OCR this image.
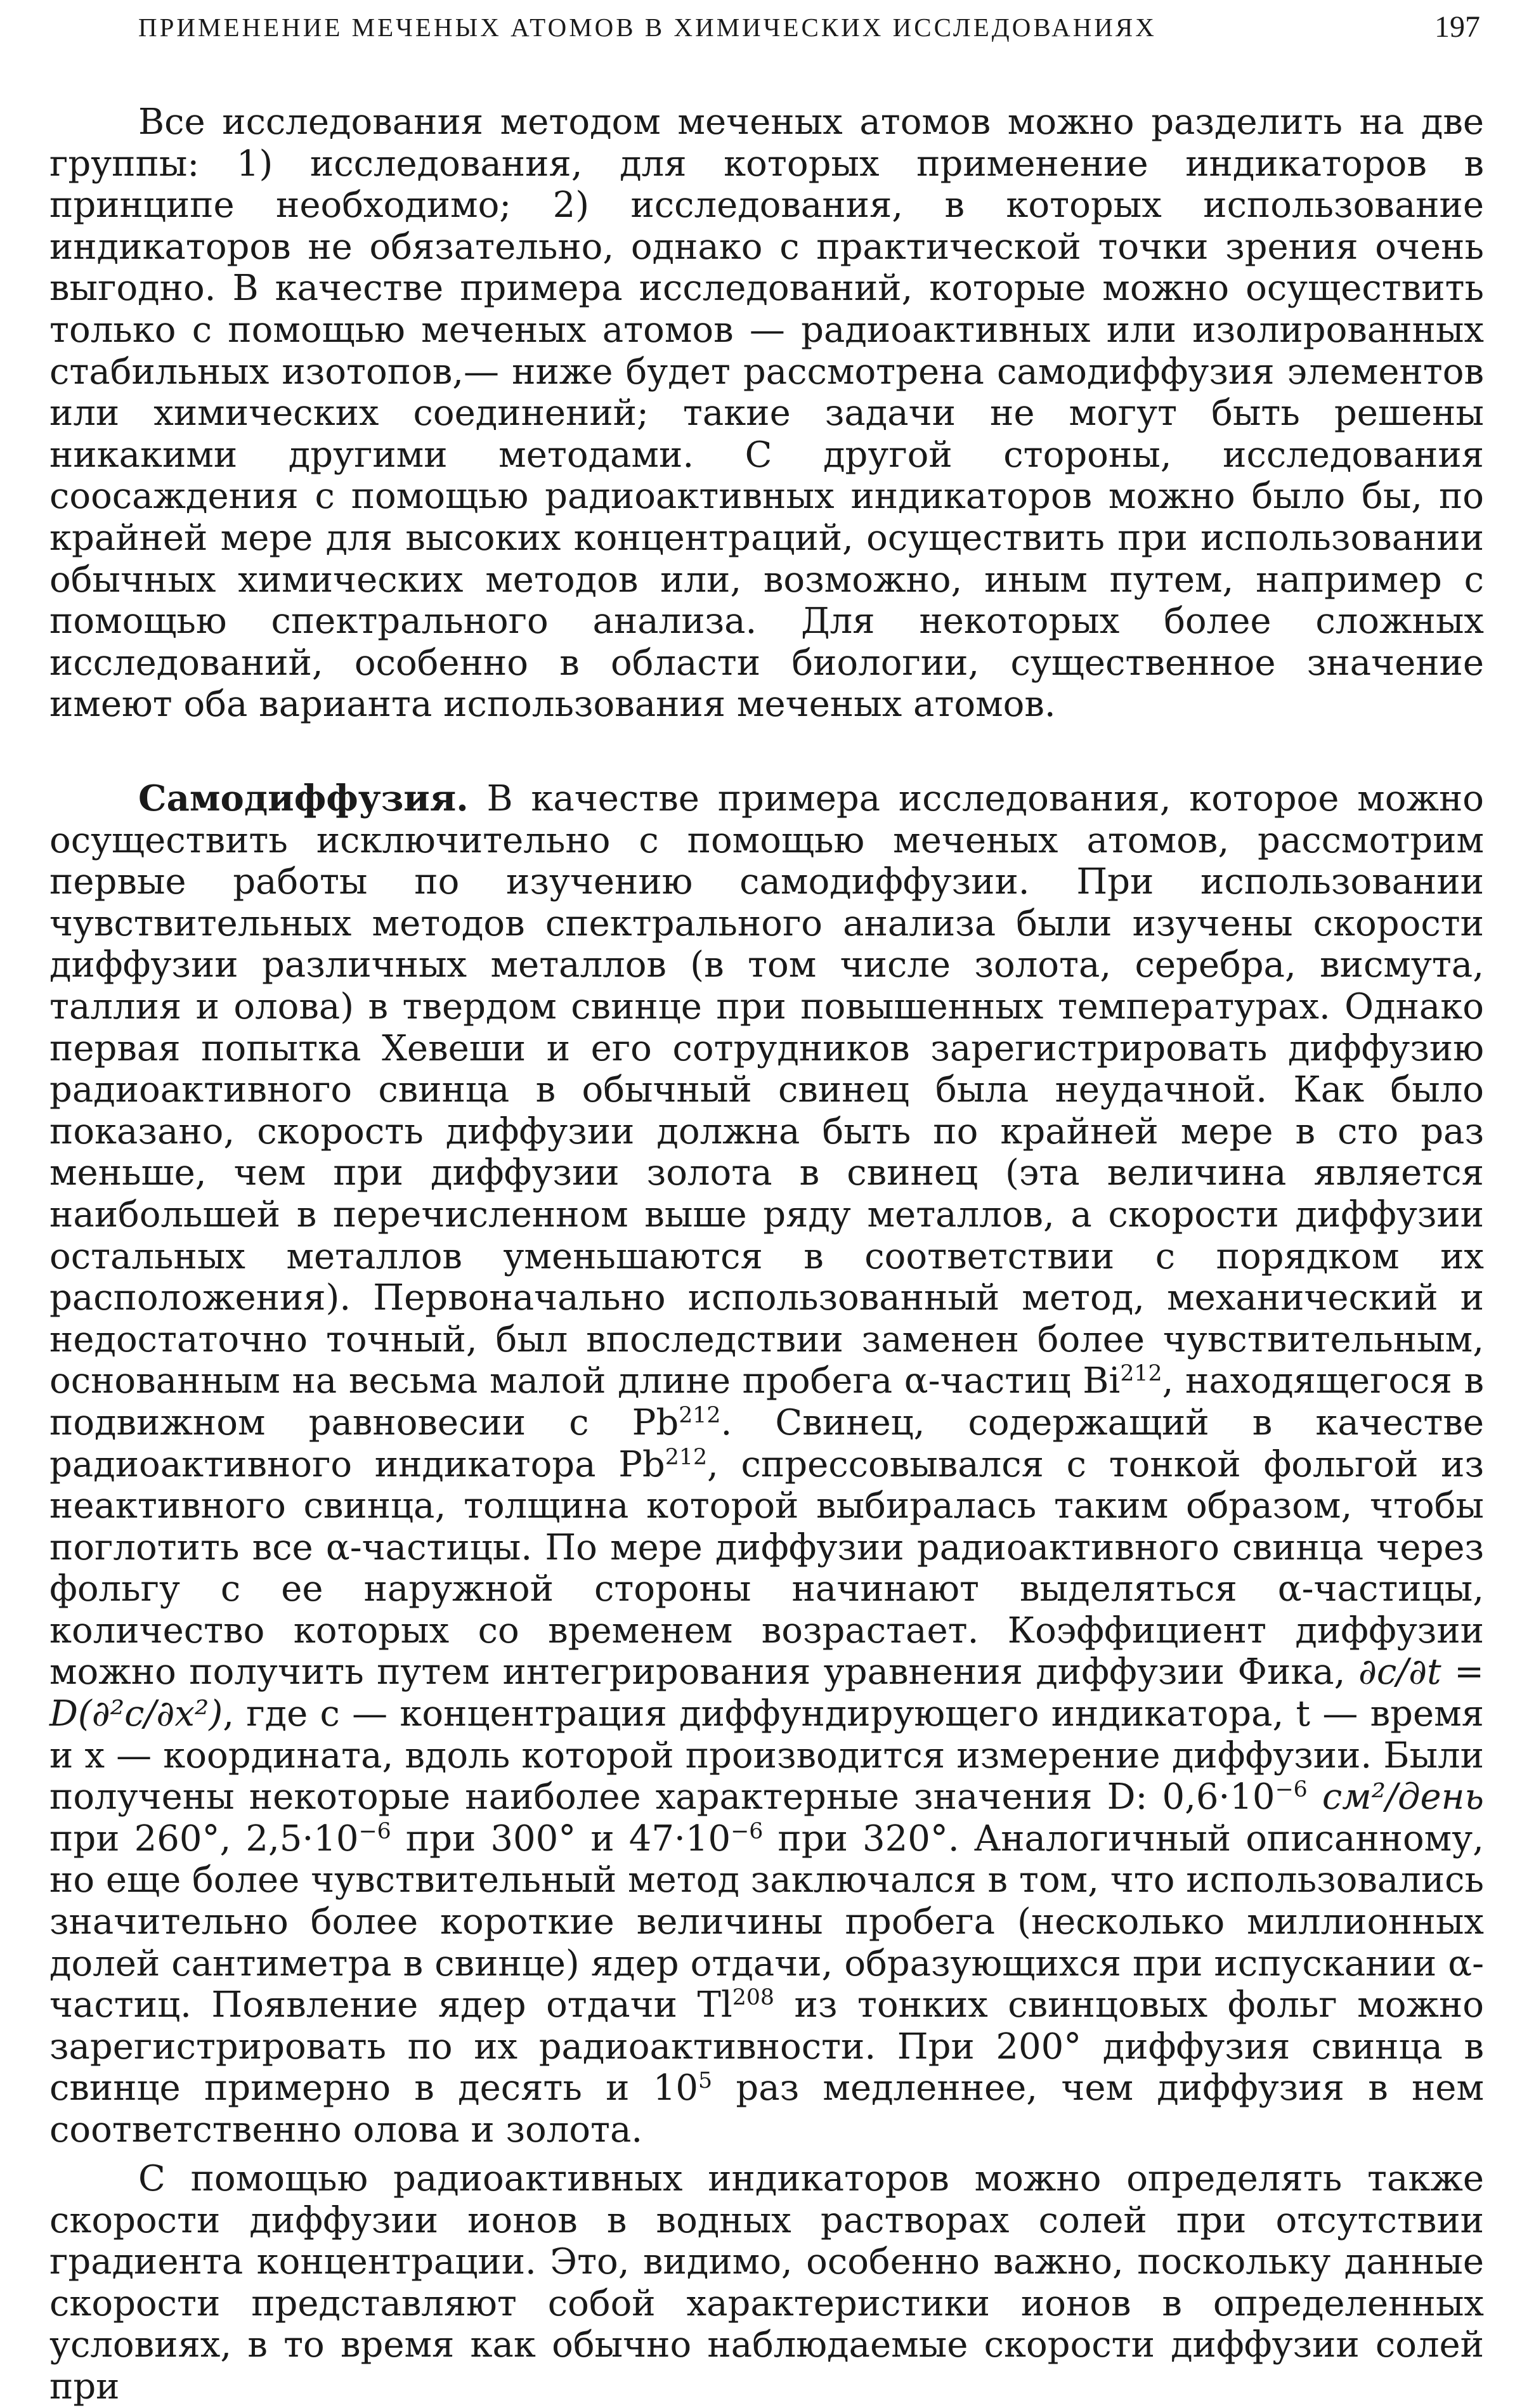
ПРИМЕНЕНИЕ МЕЧЕНЫХ АТОМОВ В ХИМИЧЕСКИХ ИССЛЕДОВАНИЯХ	197

Все исследования методом меченых атомов можно разделить на две группы: 1) исследования, для которых применение индикаторов в принципе необходимо; 2) исследования, в которых использование индикаторов не обязательно, однако с практической точки зрения очень выгодно. В качестве примера исследований, которые можно осуществить только с помощью меченых атомов — радиоактивных или изолированных стабильных изотопов,— ниже будет рассмотрена самодиффузия элементов или химических соединений; такие задачи не могут быть решены никакими другими методами. С другой стороны, исследования соосаждения с помощью радиоактивных индикаторов можно было бы, по крайней мере для высоких концентраций, осуществить при использовании обычных химических методов или, возможно, иным путем, например с помощью спектрального анализа. Для некоторых более сложных исследований, особенно в области биологии, существенное значение имеют оба варианта использования меченых атомов.

Самодиффузия. В качестве примера исследования, которое можно осуществить исключительно с помощью меченых атомов, рассмотрим первые работы по изучению самодиффузии. При использовании чувствительных методов спектрального анализа были изучены скорости диффузии различных металлов (в том числе золота, серебра, висмута, таллия и олова) в твердом свинце при повышенных температурах. Однако первая попытка Хевеши и его сотрудников зарегистрировать диффузию радиоактивного свинца в обычный свинец была неудачной. Как было показано, скорость диффузии должна быть по крайней мере в сто раз меньше, чем при диффузии золота в свинец (эта величина является наибольшей в перечисленном выше ряду металлов, а скорости диффузии остальных металлов уменьшаются в соответствии с порядком их расположения). Первоначально использованный метод, механический и недостаточно точный, был впоследствии заменен более чувствительным, основанным на весьма малой длине пробега α-частиц Bi$^{212}$, находящегося в подвижном равновесии с Pb$^{212}$. Свинец, содержащий в качестве радиоактивного индикатора Pb$^{212}$, спрессовывался с тонкой фольгой из неактивного свинца, толщина которой выбиралась таким образом, чтобы поглотить все α-частицы. По мере диффузии радиоактивного свинца через фольгу с ее наружной стороны начинают выделяться α-частицы, количество которых со временем возрастает. Коэффициент диффузии можно получить путем интегрирования уравнения диффузии Фика, ∂c/∂t = D(∂²c/∂x²), где c — концентрация диффундирующего индикатора, t — время и x — координата, вдоль которой производится измерение диффузии. Были получены некоторые наиболее характерные значения D: $0,6\cdot 10^{-6}$ см²/день при 260°, $2,5\cdot 10^{-6}$ при 300° и $47\cdot 10^{-6}$ при 320°. Аналогичный описанному, но еще более чувствительный метод заключался в том, что использовались значительно более короткие величины пробега (несколько миллионных долей сантиметра в свинце) ядер отдачи, образующихся при испускании α-частиц. Появление ядер отдачи Tl$^{208}$ из тонких свинцовых фольг можно зарегистрировать по их радиоактивности. При 200° диффузия свинца в свинце примерно в десять и $10^5$ раз медленнее, чем диффузия в нем соответственно олова и золота.

С помощью радиоактивных индикаторов можно определять также скорости диффузии ионов в водных растворах солей при отсутствии градиента концентрации. Это, видимо, особенно важно, поскольку данные скорости представляют собой характеристики ионов в определенных условиях, в то время как обычно наблюдаемые скорости диффузии солей при
